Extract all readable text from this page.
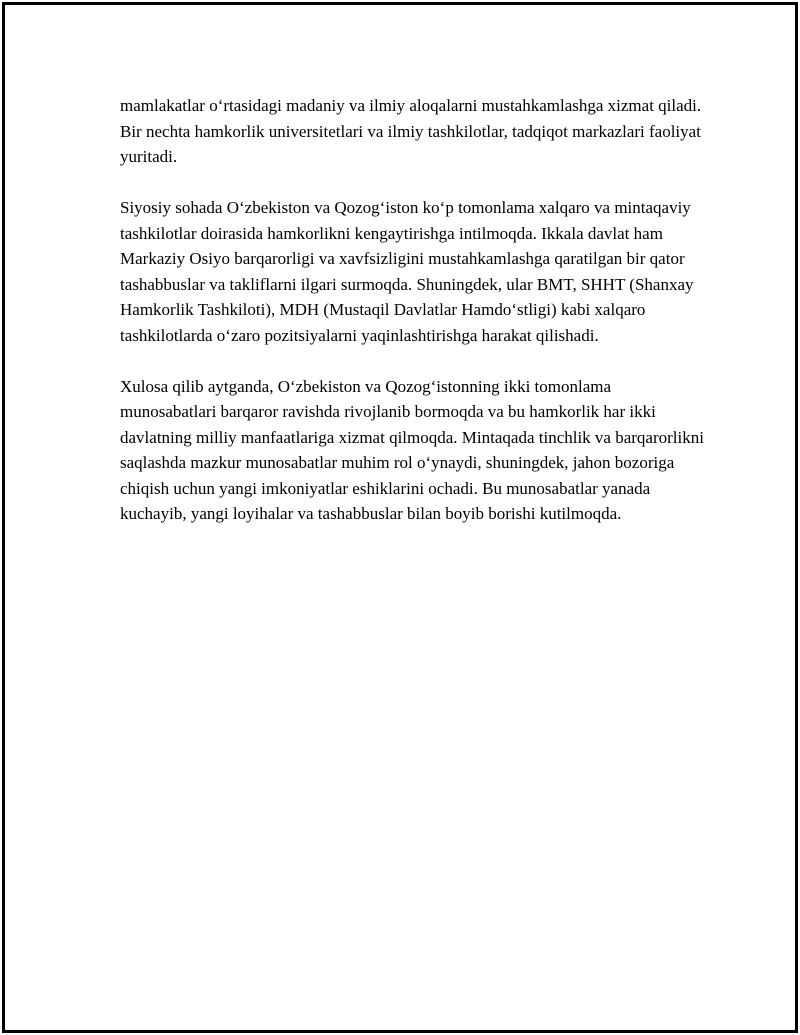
mamlakatlar o‘rtasidagi madaniy va ilmiy aloqalarni mustahkamlashga xizmat qiladi. Bir nechta hamkorlik universitetlari va ilmiy tashkilotlar, tadqiqot markazlari faoliyat yuritadi.

Siyosiy sohada O‘zbekiston va Qozog‘iston ko‘p tomonlama xalqaro va mintaqaviy tashkilotlar doirasida hamkorlikni kengaytirishga intilmoqda. Ikkala davlat ham Markaziy Osiyo barqarorligi va xavfsizligini mustahkamlashga qaratilgan bir qator tashabbuslar va takliflarni ilgari surmoqda. Shuningdek, ular BMT, SHHT (Shanxay Hamkorlik Tashkiloti), MDH (Mustaqil Davlatlar Hamdo‘stligi) kabi xalqaro tashkilotlarda o‘zaro pozitsiyalarni yaqinlashtirishga harakat qilishadi.

Xulosa qilib aytganda, O‘zbekiston va Qozog‘istonning ikki tomonlama munosabatlari barqaror ravishda rivojlanib bormoqda va bu hamkorlik har ikki davlatning milliy manfaatlariga xizmat qilmoqda. Mintaqada tinchlik va barqarorlikni saqlashda mazkur munosabatlar muhim rol o‘ynaydi, shuningdek, jahon bozoriga chiqish uchun yangi imkoniyatlar eshiklarini ochadi. Bu munosabatlar yanada kuchayib, yangi loyihalar va tashabbuslar bilan boyib borishi kutilmoqda.
